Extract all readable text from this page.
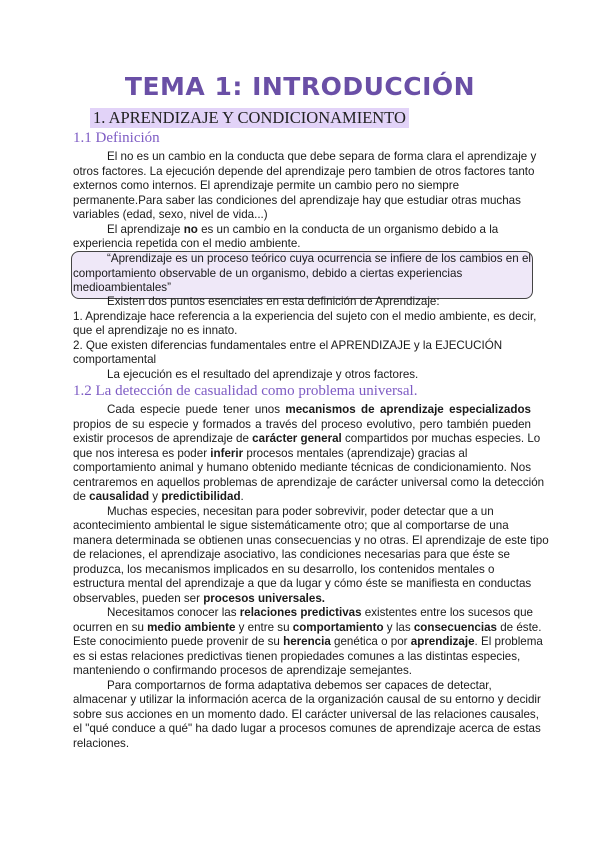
TEMA 1: INTRODUCCIÓN
1. APRENDIZAJE Y CONDICIONAMIENTO
1.1 Definición
El no es un cambio en la conducta que debe separa de forma clara el aprendizaje y
otros factores. La ejecución depende del aprendizaje pero tambien de otros factores tanto
externos como internos. El aprendizaje permite un cambio pero no siempre
permanente.Para saber las condiciones del aprendizaje hay que estudiar otras muchas
variables (edad, sexo, nivel de vida...)
El aprendizaje no es un cambio en la conducta de un organismo debido a la
experiencia repetida con el medio ambiente.
“Aprendizaje es un proceso teórico cuya ocurrencia se infiere de los cambios en el
comportamiento observable de un organismo, debido a ciertas experiencias
medioambientales”
Existen dos puntos esenciales en esta definición de Aprendizaje:
1. Aprendizaje hace referencia a la experiencia del sujeto con el medio ambiente, es decir,
que el aprendizaje no es innato.
2. Que existen diferencias fundamentales entre el APRENDIZAJE y la EJECUCIÓN
comportamental
La ejecución es el resultado del aprendizaje y otros factores.
1.2 La detección de casualidad como problema universal.
Cada especie puede tener unos mecanismos de aprendizaje especializados
propios de su especie y formados a través del proceso evolutivo, pero también pueden
existir procesos de aprendizaje de carácter general compartidos por muchas especies. Lo
que nos interesa es poder inferir procesos mentales (aprendizaje) gracias al
comportamiento animal y humano obtenido mediante técnicas de condicionamiento. Nos
centraremos en aquellos problemas de aprendizaje de carácter universal como la detección
de causalidad y predictibilidad.
Muchas especies, necesitan para poder sobrevivir, poder detectar que a un
acontecimiento ambiental le sigue sistemáticamente otro; que al comportarse de una
manera determinada se obtienen unas consecuencias y no otras. El aprendizaje de este tipo
de relaciones, el aprendizaje asociativo, las condiciones necesarias para que éste se
produzca, los mecanismos implicados en su desarrollo, los contenidos mentales o
estructura mental del aprendizaje a que da lugar y cómo éste se manifiesta en conductas
observables, pueden ser procesos universales.
Necesitamos conocer las relaciones predictivas existentes entre los sucesos que
ocurren en su medio ambiente y entre su comportamiento y las consecuencias de éste.
Este conocimiento puede provenir de su herencia genética o por aprendizaje. El problema
es si estas relaciones predictivas tienen propiedades comunes a las distintas especies,
manteniendo o confirmando procesos de aprendizaje semejantes.
Para comportarnos de forma adaptativa debemos ser capaces de detectar,
almacenar y utilizar la información acerca de la organización causal de su entorno y decidir
sobre sus acciones en un momento dado. El carácter universal de las relaciones causales,
el "qué conduce a qué" ha dado lugar a procesos comunes de aprendizaje acerca de estas
relaciones.
